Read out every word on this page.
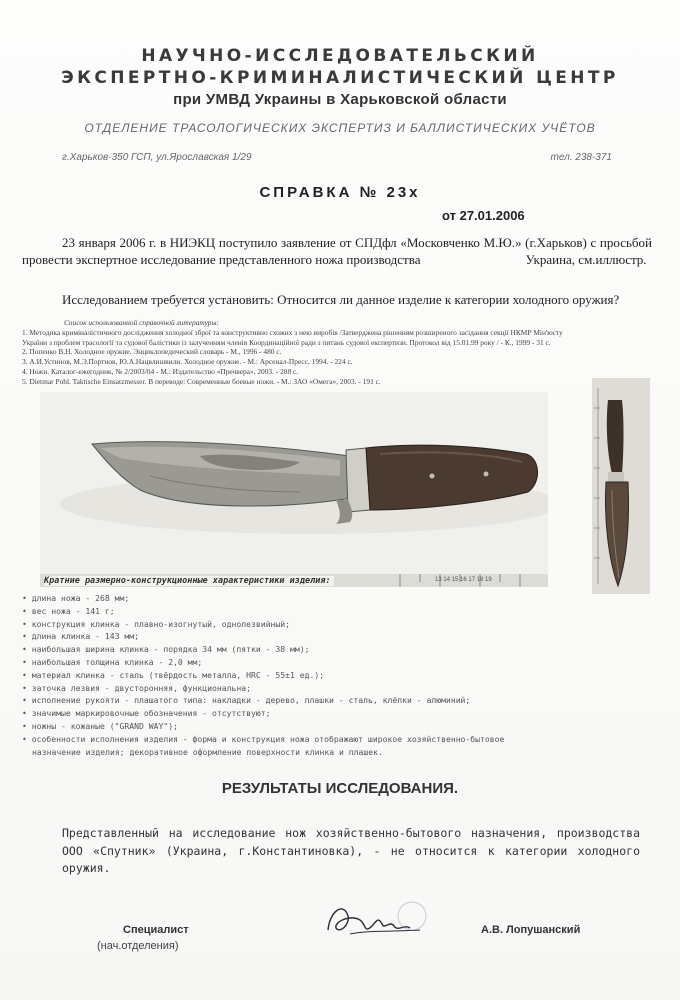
НАУЧНО-ИССЛЕДОВАТЕЛЬСКИЙ
ЭКСПЕРТНО-КРИМИНАЛИСТИЧЕСКИЙ ЦЕНТР
при УМВД Украины в Харьковской области
ОТДЕЛЕНИЕ ТРАСОЛОГИЧЕСКИХ ЭКСПЕРТИЗ И БАЛЛИСТИЧЕСКИХ УЧЁТОВ
г.Харьков-350 ГСП, ул.Ярославская 1/29	тел. 238-371
СПРАВКА № 23х
от 27.01.2006
23 января 2006 г. в НИЭКЦ поступило заявление от СПДфл «Московченко М.Ю.» (г.Харьков) с просьбой провести экспертное исследование представленного ножа производства	Украина, см.иллюстр.
Исследованием требуется установить: Относится ли данное изделие к категории холодного оружия?
Список использованной справочной литературы:
1. Методика криміналістичного дослідження холодної зброї та конструктивно схожих з нею виробів /Затверджена рішенням розширеного засідання секції НКМР Мін'юсту
України з проблем трасології та судової балістики із залученням членів Координаційної ради з питань судової експертизи. Протокол від 15.01.99 року / - К., 1999 - 31 с.
2. Попенко В.Н. Холодное оружие. Энциклопедический словарь - М., 1996 - 480 с.
3. А.И.Устинов, М.Э.Портнов, Ю.А.Нацвлишвили. Холодное оружие. - М.: Арсенал-Пресс, 1994. - 224 с.
4. Ножи. Каталог-ежегодник, № 2/2003/04 - М.: Издательство «Пречвера», 2003. - 288 с.
5. Dietmar Pohl. Taktische Einsatzmesser. В переводе: Современные боевые ножи. - М.: ЗАО «Омега», 2003. - 191 с.
Кратние размерно-конструкционные характеристики изделия:	13 14 15 16 17 18 19
• длина ножа - 268 мм;
• вес ножа - 141 г;
• конструкция клинка - плавно-изогнутый, однолезвийный;
• длина клинка - 143 мм;
• наибольшая ширина клинка - порядка 34 мм (пятки - 38 мм);
• наибольшая толщина клинка - 2,0 мм;
• материал клинка - сталь (твёрдость металла, HRC - 55±1 ед.);
• заточка лезвия - двусторонняя, функциональна;
• исполнение рукояти - плашатого типа: накладки - дерево, плашки - сталь, клёпки - алюминий;
• значимые маркировочные обозначения - отсутствуют;
• ножны - кожаные ("GRAND WAY");
• особенности исполнения изделия - форма и конструкция ножа отображают широкое хозяйственно-бытовое
назначение изделия; декоративное оформление поверхности клинка и плашек.
РЕЗУЛЬТАТЫ ИССЛЕДОВАНИЯ.
Представленный на исследование нож хозяйственно-бытового назначения, производства ООО «Спутник» (Украина, г.Константиновка), - не относится к категории холодного оружия.
Специалист
(нач.отделения)
А.В. Лопушанский
